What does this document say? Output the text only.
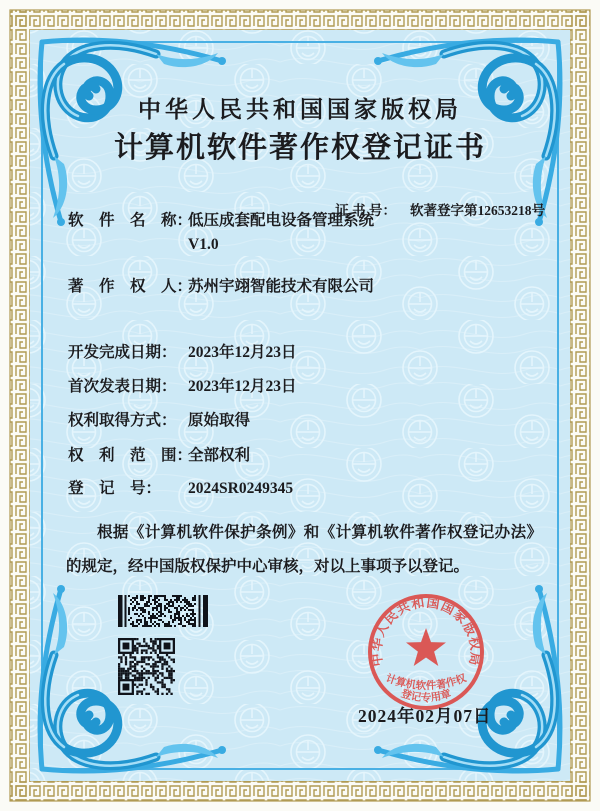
中华人民共和国国家版权局
计算机软件著作权登记证书

证 书 号： 软著登字第12653218号

软　件　名　称：
低压成套配电设备管理系统
V1.0
著　作　权　人：
苏州宇翊智能技术有限公司
开发完成日期： 2023年12月23日
首次发表日期： 2023年12月23日
权利取得方式： 原始取得
权　利　范　围：
全部权利
登　记　号： 2024SR0249345
根据《计算机软件保护条例》和《计算机软件著作权登记办法》的规定，经中国版权保护中心审核，对以上事项予以登记。
中华人民共和国国家版权局
计算机软件著作权
登记专用章
2024年02月07日
